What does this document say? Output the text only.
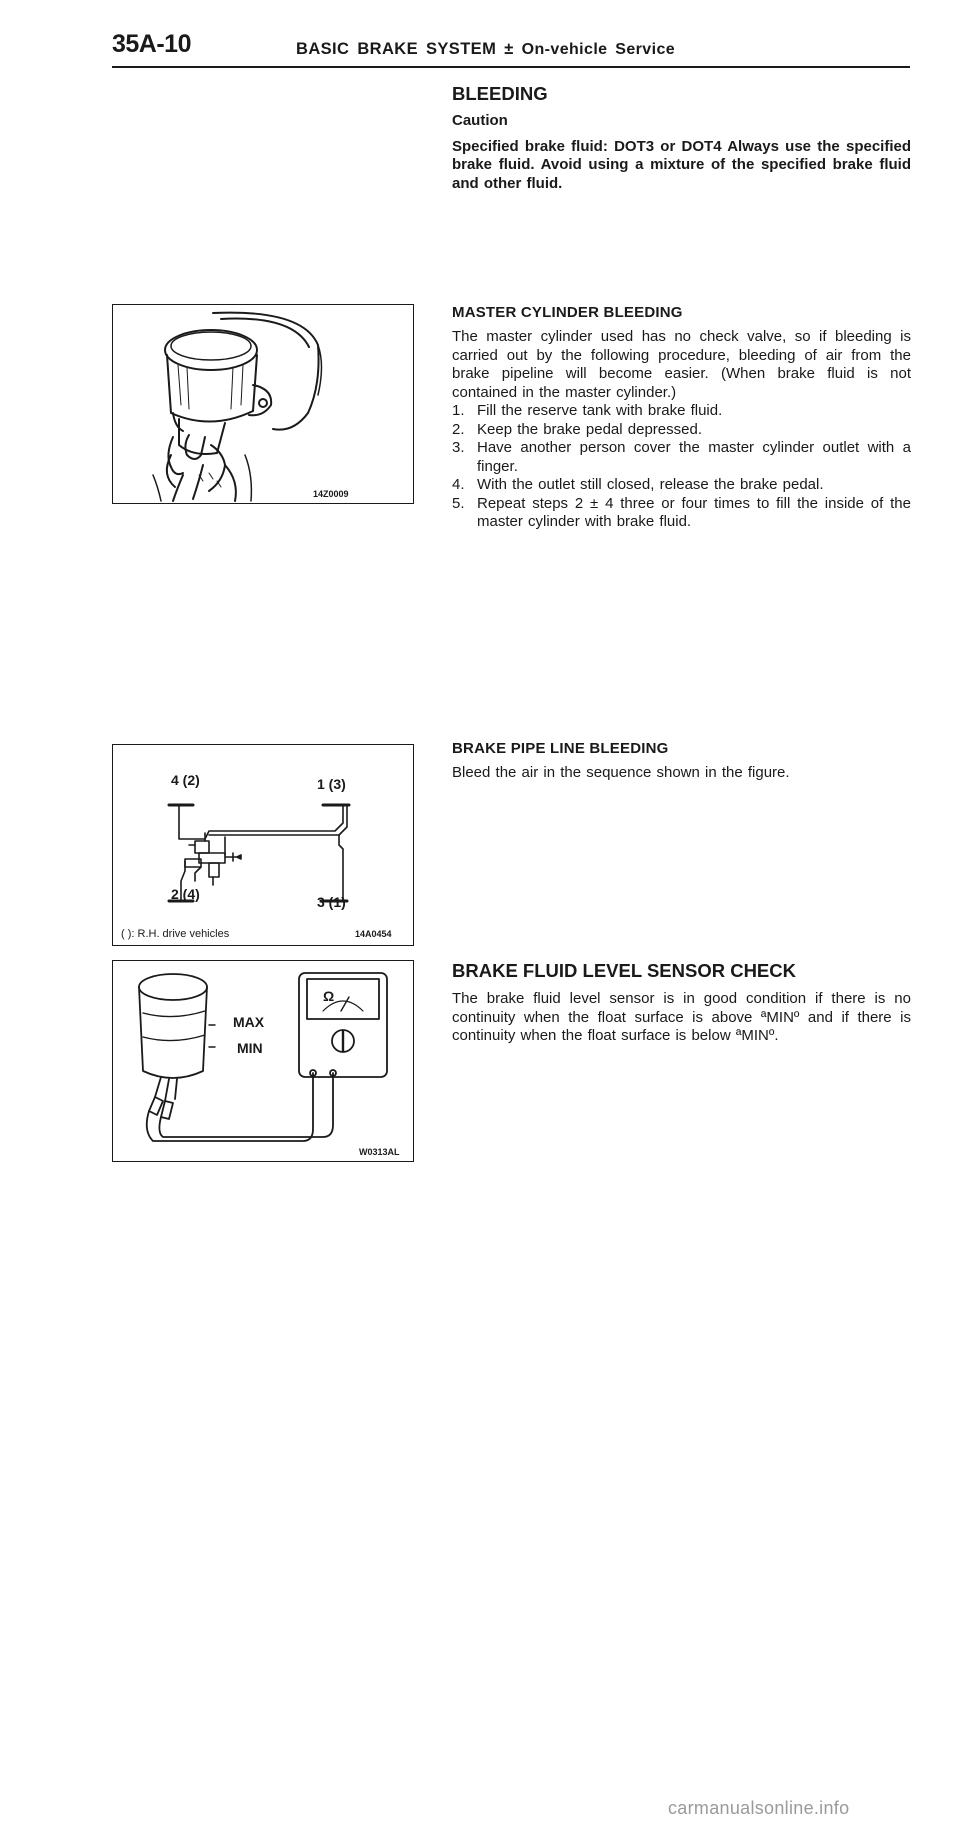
35A-10	BASIC BRAKE SYSTEM ± On-vehicle Service
BLEEDING

Caution

Specified brake fluid: DOT3 or DOT4 Always use the specified brake fluid. Avoid using a mixture of the specified brake fluid and other fluid.

14Z0009
MASTER CYLINDER BLEEDING

The master cylinder used has no check valve, so if bleeding is carried out by the following procedure, bleeding of air from the brake pipeline will become easier. (When brake fluid is not contained in the master cylinder.)

1. Fill the reserve tank with brake fluid.
2. Keep the brake pedal depressed.
3. Have another person cover the master cylinder outlet with a finger.
4. With the outlet still closed, release the brake pedal.
5. Repeat steps 2 ± 4 three or four times to fill the inside of the master cylinder with brake fluid.
4 (2)	1 (3)
2 (4)	3 (1)
( ): R.H. drive vehicles	14A0454
BRAKE PIPE LINE BLEEDING

Bleed the air in the sequence shown in the figure.

Ω
MAX
MIN
W0313AL
BRAKE FLUID LEVEL SENSOR CHECK

The brake fluid level sensor is in good condition if there is no continuity when the float surface is above ªMINº and if there is continuity when the float surface is below ªMINº.

carmanualsonline.info
